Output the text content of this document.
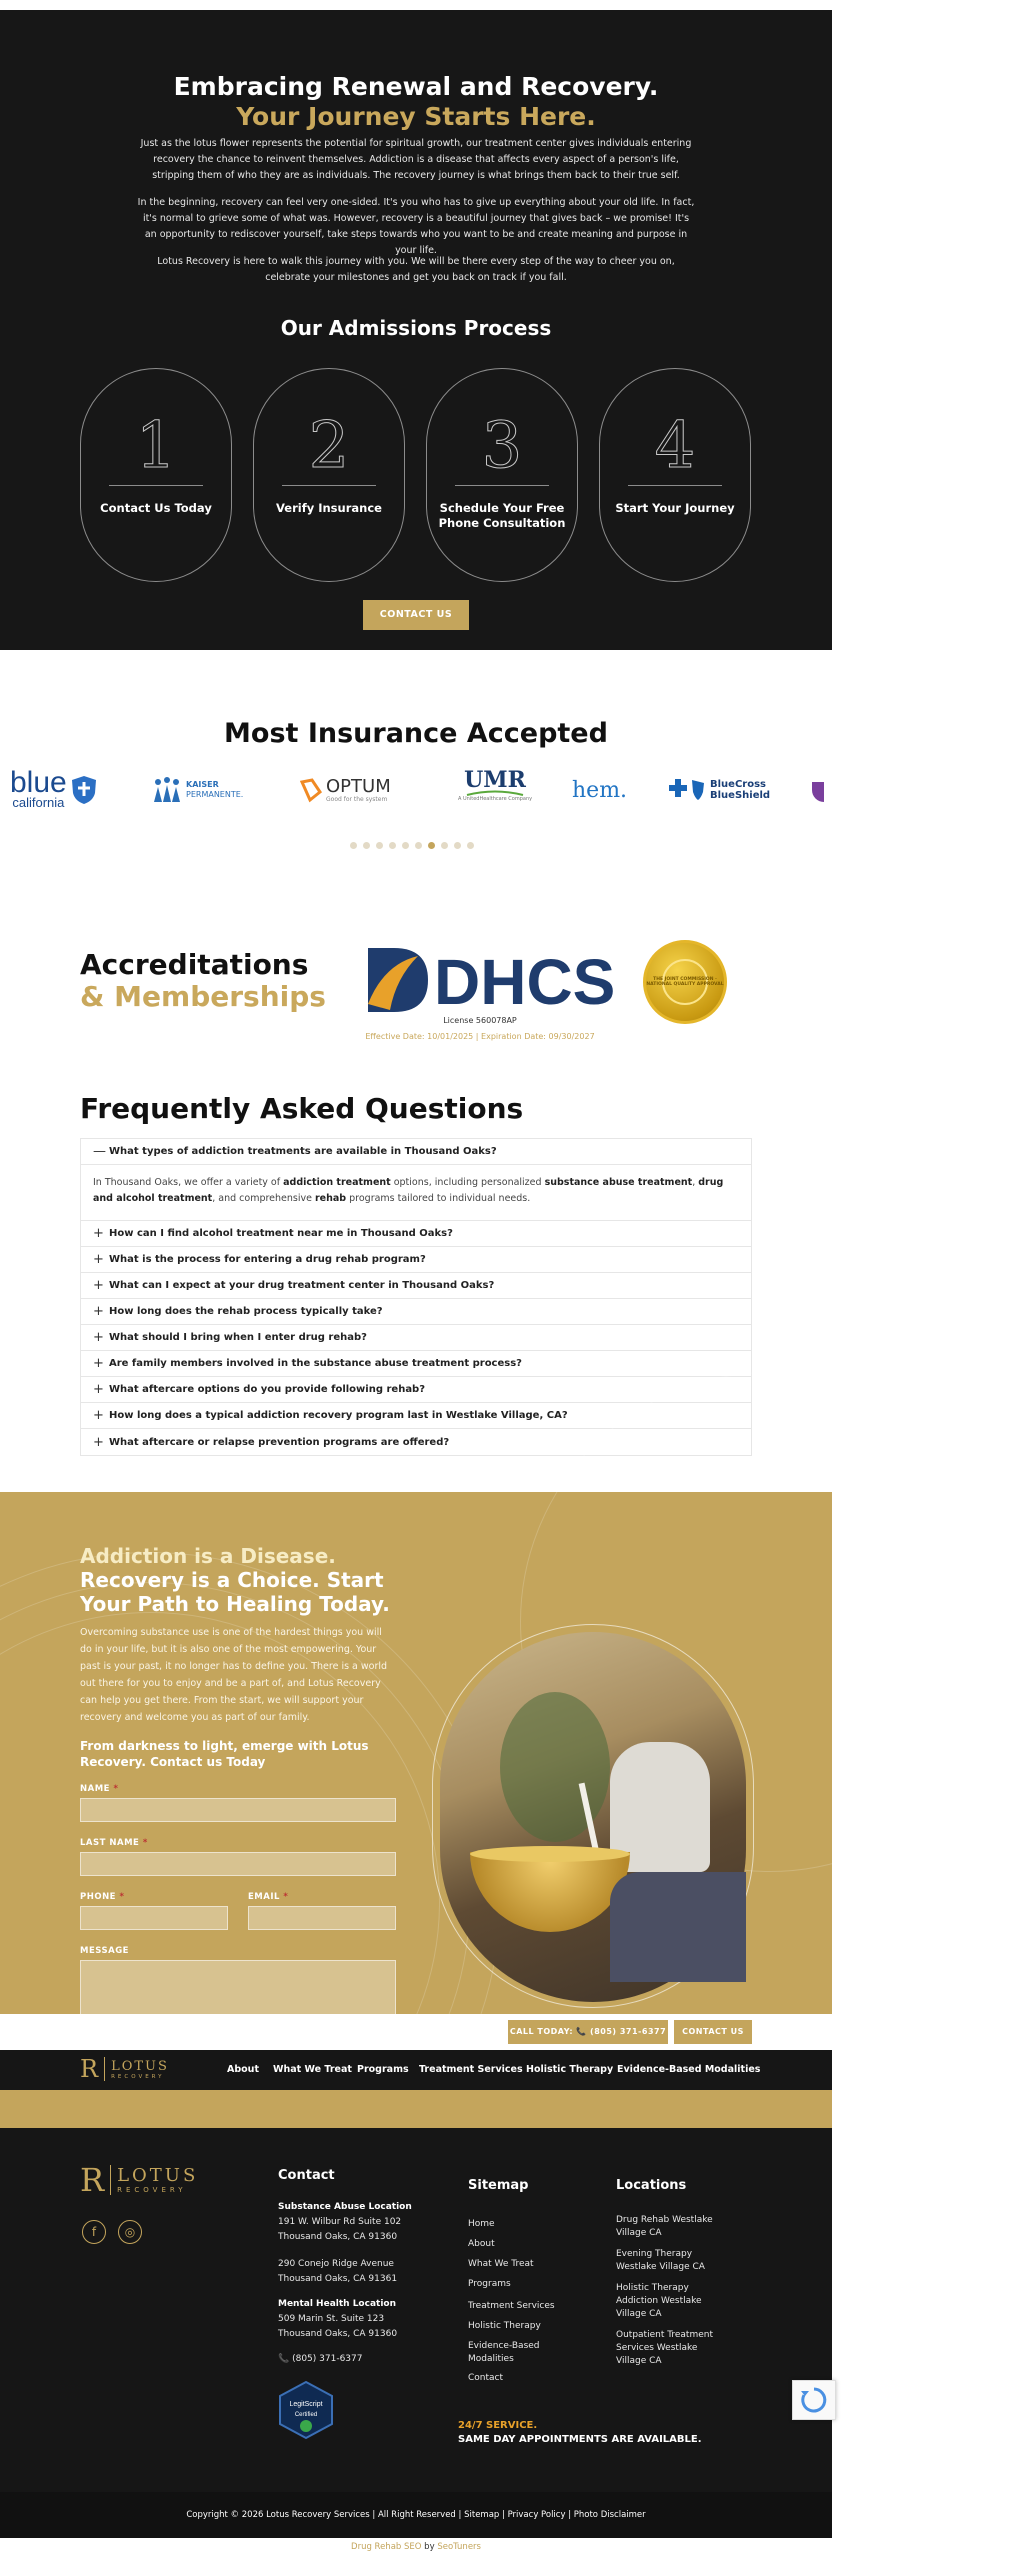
Embracing Renewal and Recovery.
Your Journey Starts Here.

Just as the lotus flower represents the potential for spiritual growth, our treatment center gives individuals entering recovery the chance to reinvent themselves. Addiction is a disease that affects every aspect of a person's life, stripping them of who they are as individuals. The recovery journey is what brings them back to their true self.

In the beginning, recovery can feel very one-sided. It's you who has to give up everything about your old life. In fact, it's normal to grieve some of what was. However, recovery is a beautiful journey that gives back – we promise! It's an opportunity to rediscover yourself, take steps towards who you want to be and create meaning and purpose in your life.

Lotus Recovery is here to walk this journey with you. We will be there every step of the way to cheer you on, celebrate your milestones and get you back on track if you fall.

Our Admissions Process
1
Contact Us Today
2
Verify Insurance
3
Schedule Your Free Phone Consultation
4
Start Your Journey
CONTACT US
Most Insurance Accepted
blue
california
KAISER
PERMANENTE.	OPTUM
Good for the system
UMR
A UnitedHealthcare Company hem.	BlueCross
BlueShield
Accreditations
& Memberships DHCS
License 560078AP
Effective Date: 10/01/2025 | Expiration Date: 09/30/2027
THE JOINT COMMISSION · NATIONAL QUALITY APPROVAL
Frequently Asked Questions
— What types of addiction treatments are available in Thousand Oaks?
In Thousand Oaks, we offer a variety of addiction treatment options, including personalized substance abuse treatment, drug and alcohol treatment, and comprehensive rehab programs tailored to individual needs.
+ How can I find alcohol treatment near me in Thousand Oaks?
+ What is the process for entering a drug rehab program?
+ What can I expect at your drug treatment center in Thousand Oaks?
+ How long does the rehab process typically take?
+ What should I bring when I enter drug rehab?
+ Are family members involved in the substance abuse treatment process?
+ What aftercare options do you provide following rehab?
+ How long does a typical addiction recovery program last in Westlake Village, CA?
+ What aftercare or relapse prevention programs are offered?
Addiction is a Disease.
Recovery is a Choice. Start
Your Path to Healing Today.

Overcoming substance use is one of the hardest things you will do in your life, but it is also one of the most empowering. Your past is your past, it no longer has to define you. There is a world out there for you to enjoy and be a part of, and Lotus Recovery can help you get there. From the start, we will support your recovery and welcome you as part of our family.

From darkness to light, emerge with Lotus Recovery. Contact us Today
NAME *
LAST NAME *
PHONE *	EMAIL *
MESSAGE
CALL TODAY: 📞 (805) 371-6377	CONTACT US
R LOTUS
RECOVERY
About What We Treat Programs Treatment Services Holistic Therapy Evidence-Based Modalities
R LOTUS
RECOVERY
f	◎
Contact
Substance Abuse Location
191 W. Wilbur Rd Suite 102
Thousand Oaks, CA 91360

290 Conejo Ridge Avenue
Thousand Oaks, CA 91361

Mental Health Location
509 Marin St. Suite 123
Thousand Oaks, CA 91360

📞 (805) 371-6377
LegitScript
Certified
Sitemap
Home
About
What We Treat
Programs
Treatment Services
Holistic Therapy
Evidence-Based Modalities
Contact
Locations
Drug Rehab Westlake Village CA
Evening Therapy Westlake Village CA
Holistic Therapy Addiction Westlake Village CA
Outpatient Treatment Services Westlake Village CA
24/7 SERVICE.
SAME DAY APPOINTMENTS ARE AVAILABLE.
Copyright © 2026 Lotus Recovery Services | All Right Reserved | Sitemap | Privacy Policy | Photo Disclaimer
Drug Rehab SEO by SeoTuners
